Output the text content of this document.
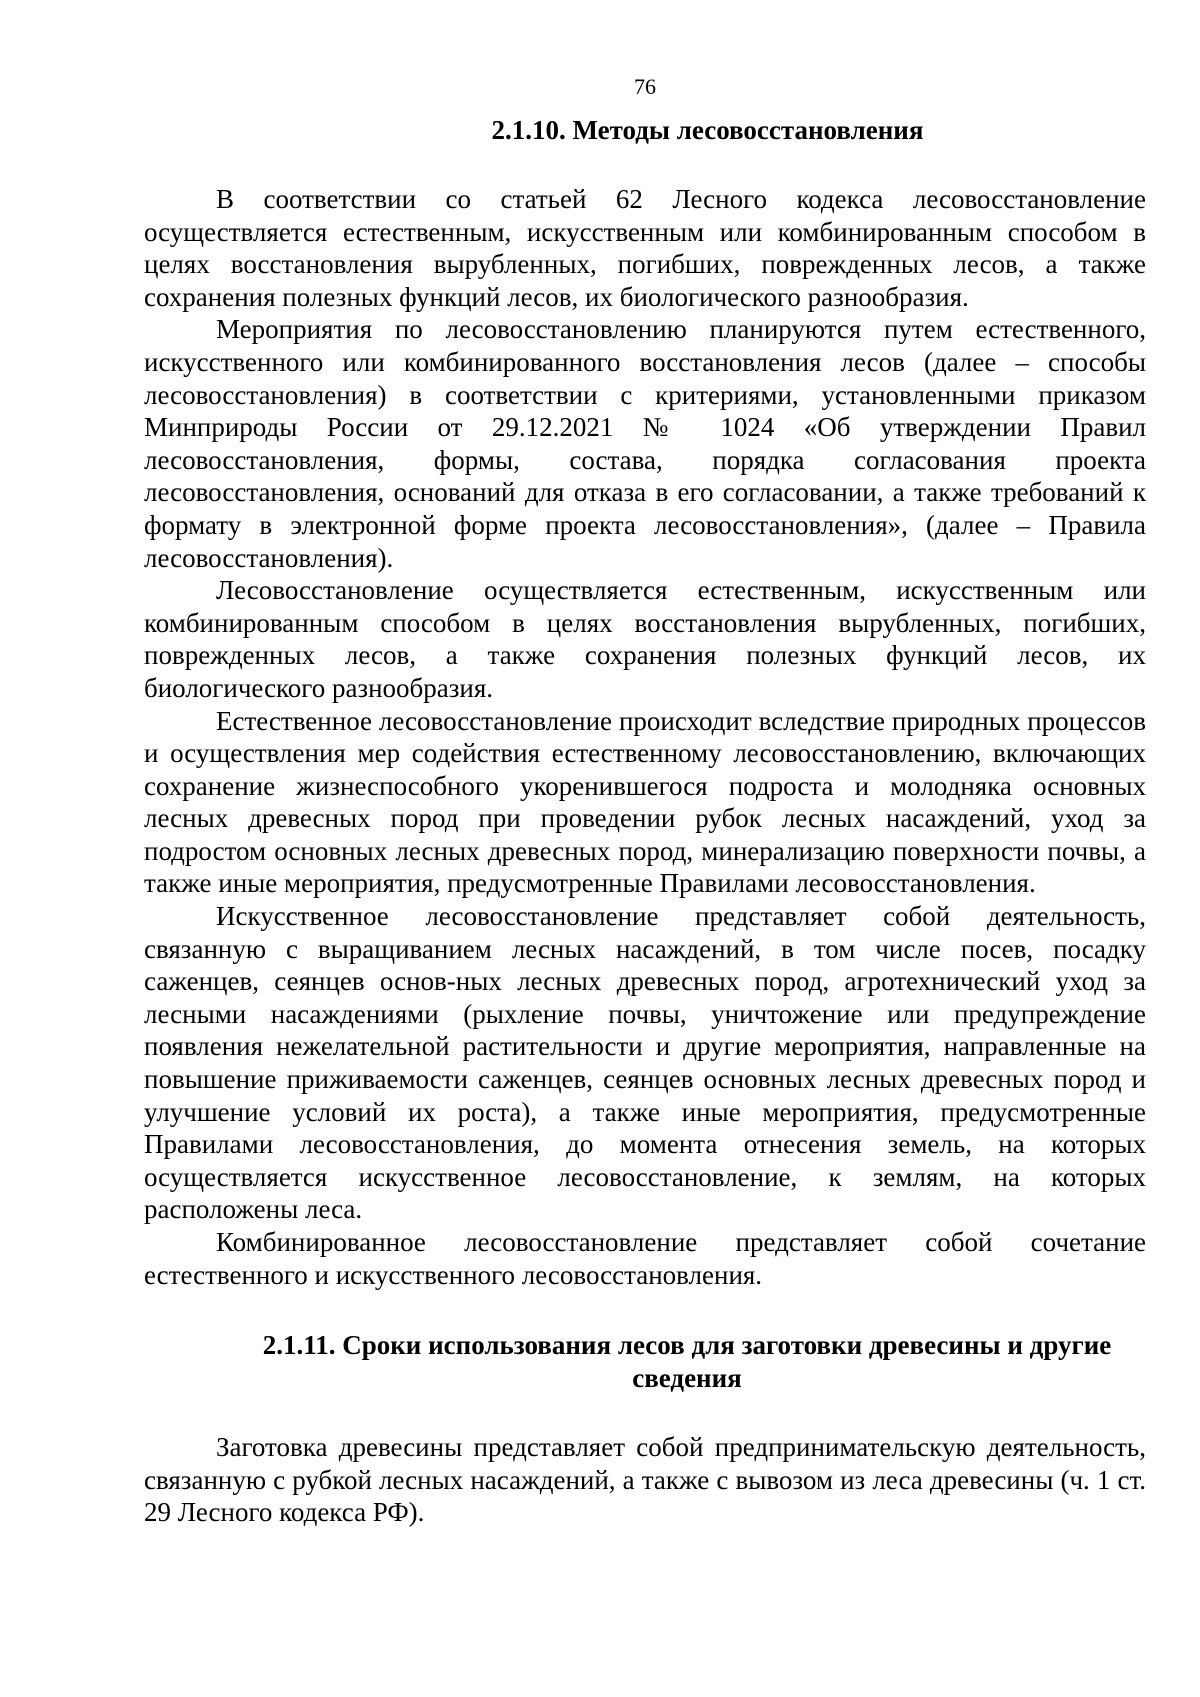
76
2.1.10. Методы лесовосстановления

В соответствии со статьей 62 Лесного кодекса лесовосстановление осуществляется естественным, искусственным или комбинированным способом в целях восстановления вырубленных, погибших, поврежденных лесов, а также сохранения полезных функций лесов, их биологического разнообразия.

Мероприятия по лесовосстановлению планируются путем естественного, искусственного или комбинированного восстановления лесов (далее – способы лесовосстановления) в соответствии с критериями, установленными приказом Минприроды России от 29.12.2021 № 1024 «Об утверждении Правил лесовосстановления, формы, состава, порядка согласования проекта лесовосстановления, оснований для отказа в его согласовании, а также требований к формату в электронной форме проекта лесовосстановления», (далее – Правила лесовосстановления).

Лесовосстановление осуществляется естественным, искусственным или комбинированным способом в целях восстановления вырубленных, погибших, поврежденных лесов, а также сохранения полезных функций лесов, их биологического разнообразия.

Естественное лесовосстановление происходит вследствие природных процессов и осуществления мер содействия естественному лесовосстановлению, включающих сохранение жизнеспособного укоренившегося подроста и молодняка основных лесных древесных пород при проведении рубок лесных насаждений, уход за подростом основных лесных древесных пород, минерализацию поверхности почвы, а также иные мероприятия, предусмотренные Правилами лесовосстановления.

Искусственное лесовосстановление представляет собой деятельность, связанную с выращиванием лесных насаждений, в том числе посев, посадку саженцев, сеянцев основ-ных лесных древесных пород, агротехнический уход за лесными насаждениями (рыхление почвы, уничтожение или предупреждение появления нежелательной растительности и другие мероприятия, направленные на повышение приживаемости саженцев, сеянцев основных лесных древесных пород и улучшение условий их роста), а также иные мероприятия, предусмотренные Правилами лесовосстановления, до момента отнесения земель, на которых осуществляется искусственное лесовосстановление, к землям, на которых расположены леса.

Комбинированное лесовосстановление представляет собой сочетание естественного и искусственного лесовосстановления.

2.1.11. Сроки использования лесов для заготовки древесины и другие
сведения

Заготовка древесины представляет собой предпринимательскую деятельность, связанную с рубкой лесных насаждений, а также с вывозом из леса древесины (ч. 1 ст. 29 Лесного кодекса РФ).
